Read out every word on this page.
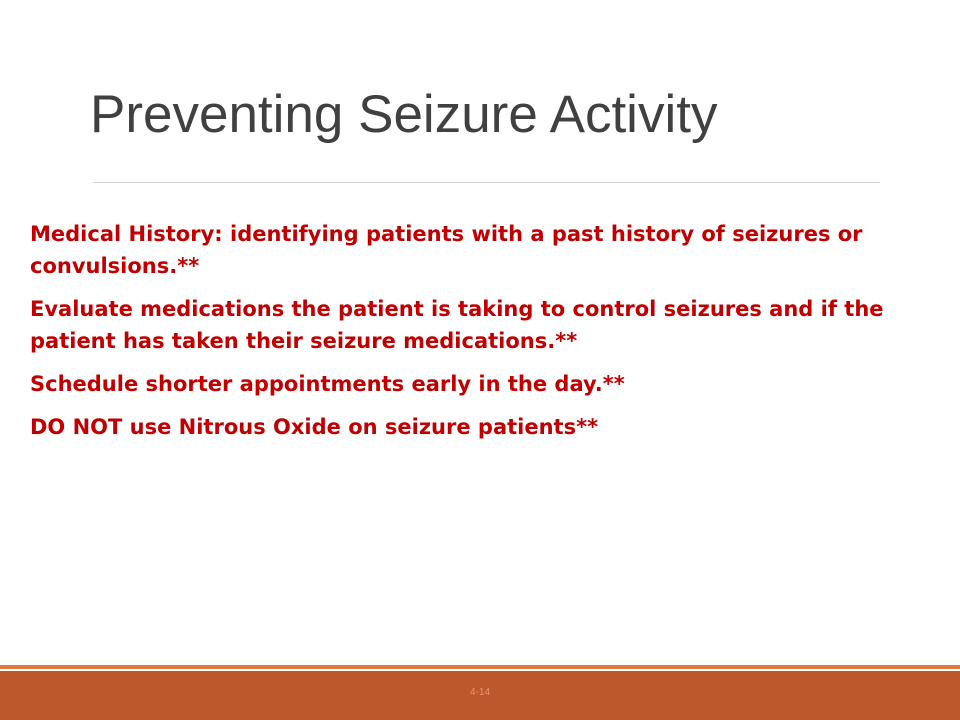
Preventing Seizure Activity
Medical History: identifying patients with a past history of seizures or convulsions.**
Evaluate medications the patient is taking to control seizures and if the patient has taken their seizure medications.**
Schedule shorter appointments early in the day.**
DO NOT use Nitrous Oxide on seizure patients**
4-14
